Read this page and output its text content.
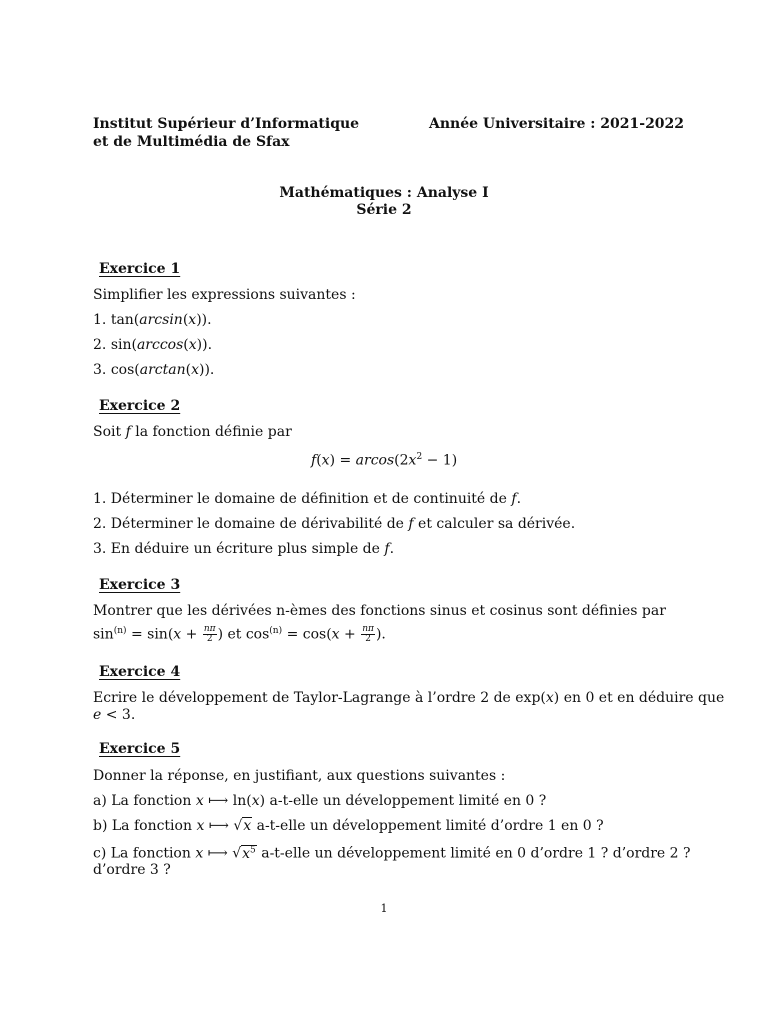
Institut Supérieur d’Informatique
et de Multimédia de Sfax
Année Universitaire : 2021-2022
Mathématiques : Analyse I
Série 2
Exercice 1
Simplifier les expressions suivantes :
1. tan(arcsin(x)).
2. sin(arccos(x)).
3. cos(arctan(x)).
Exercice 2
Soit f la fonction définie par
$f(x) = arcos(2x^2 - 1)$
1. Déterminer le domaine de définition et de continuité de f.
2. Déterminer le domaine de dérivabilité de f et calculer sa dérivée.
3. En déduire un écriture plus simple de f.
Exercice 3
Montrer que les dérivées n-èmes des fonctions sinus et cosinus sont définies par
$\sin^{(n)} = \sin(x + \frac{n\pi}{2}$ ) et $\cos^{(n)} = \cos(x + \frac{n\pi}{2}$ ).
Exercice 4
Ecrire le développement de Taylor-Lagrange à l’ordre 2 de exp(x) en 0 et en déduire que
e < 3.
Exercice 5
Donner la réponse, en justifiant, aux questions suivantes :
a) La fonction x ⟼ ln(x) a-t-elle un développement limité en 0 ?
b) La fonction x ⟼ √x a-t-elle un développement limité d’ordre 1 en 0 ?
c) La fonction x ⟼ $√x^5$ a-t-elle un développement limité en 0 d’ordre 1 ? d’ordre 2 ?
d’ordre 3 ?
1
